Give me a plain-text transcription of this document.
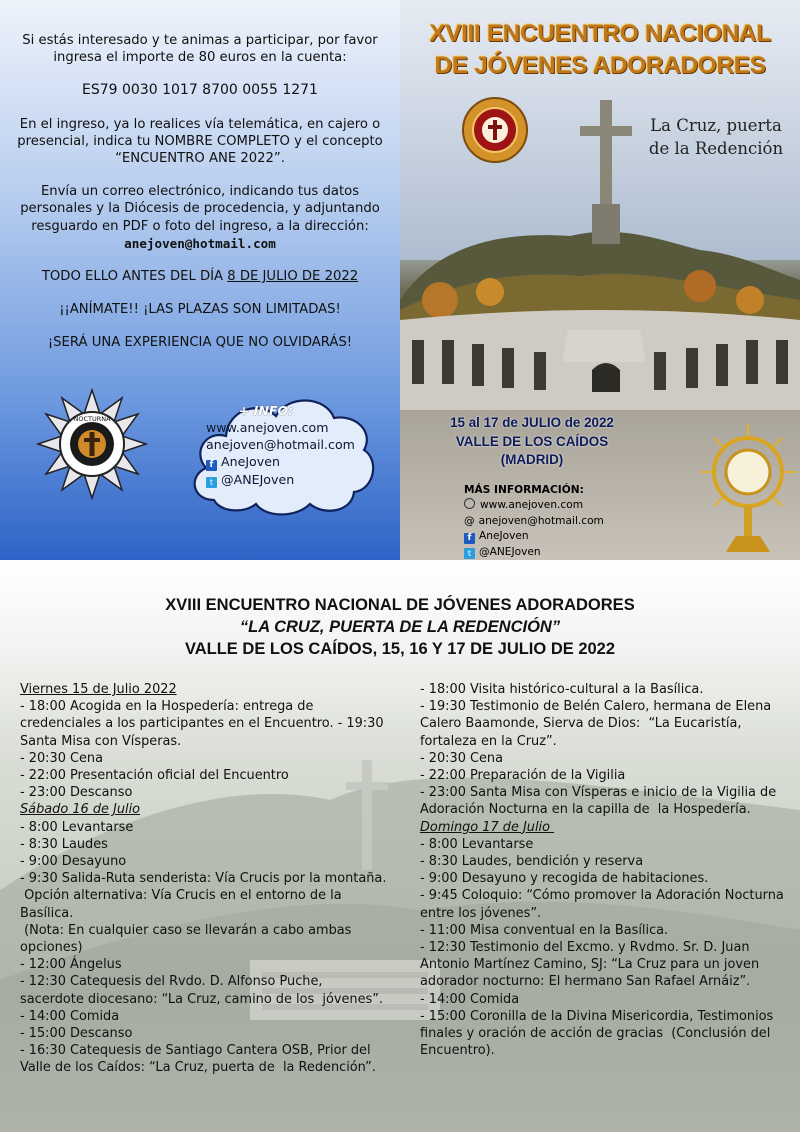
Si estás interesado y te animas a participar, por favor ingresa el importe de 80 euros en la cuenta:

ES79 0030 1017 8700 0055 1271

En el ingreso, ya lo realices vía telemática, en cajero o presencial, indica tu NOMBRE COMPLETO y el concepto “ENCUENTRO ANE 2022”.

Envía un correo electrónico, indicando tus datos personales y la Diócesis de procedencia, y adjuntando resguardo en PDF o foto del ingreso, a la dirección:

anejoven@hotmail.com

TODO ELLO ANTES DEL DÍA 8 DE JULIO DE 2022

¡¡ANÍMATE!! ¡LAS PLAZAS SON LIMITADAS!

¡SERÁ UNA EXPERIENCIA QUE NO OLVIDARÁS!

NOCTURNA
+ INFO:
www.anejoven.com
anejoven@hotmail.com
f AneJoven
t @ANEJoven
XVIII ENCUENTRO NACIONAL
DE JÓVENES ADORADORES
La Cruz, puerta
de la Redención
15 al 17 de JULIO de 2022
VALLE DE LOS CAÍDOS
(MADRID)
MÁS INFORMACIÓN:
www.anejoven.com
@ anejoven@hotmail.com
f AneJoven
t @ANEJoven
XVIII ENCUENTRO NACIONAL DE JÓVENES ADORADORES
“LA CRUZ, PUERTA DE LA REDENCIÓN”
VALLE DE LOS CAÍDOS, 15, 16 Y 17 DE JULIO DE 2022
Viernes 15 de Julio 2022
- 18:00 Acogida en la Hospedería: entrega de credenciales a los participantes en el Encuentro. - 19:30 Santa Misa con Vísperas.
- 20:30 Cena
- 22:00 Presentación oficial del Encuentro
- 23:00 Descanso
Sábado 16 de Julio
- 8:00 Levantarse
- 8:30 Laudes
- 9:00 Desayuno
- 9:30 Salida-Ruta senderista: Vía Crucis por la montaña.
Opción alternativa: Vía Crucis en el entorno de la Basílica.
(Nota: En cualquier caso se llevarán a cabo ambas opciones)
- 12:00 Ángelus
- 12:30 Catequesis del Rvdo. D. Alfonso Puche, sacerdote diocesano: “La Cruz, camino de los  jóvenes”.
- 14:00 Comida
- 15:00 Descanso
- 16:30 Catequesis de Santiago Cantera OSB, Prior del Valle de los Caídos: “La Cruz, puerta de  la Redención”.
- 18:00 Visita histórico-cultural a la Basílica.
- 19:30 Testimonio de Belén Calero, hermana de Elena Calero Baamonde, Sierva de Dios:  “La Eucaristía, fortaleza en la Cruz”.
- 20:30 Cena
- 22:00 Preparación de la Vigilia
- 23:00 Santa Misa con Vísperas e inicio de la Vigilia de Adoración Nocturna en la capilla de  la Hospedería.
Domingo 17 de Julio
- 8:00 Levantarse
- 8:30 Laudes, bendición y reserva
- 9:00 Desayuno y recogida de habitaciones.
- 9:45 Coloquio: “Cómo promover la Adoración Nocturna entre los jóvenes”.
- 11:00 Misa conventual en la Basílica.
- 12:30 Testimonio del Excmo. y Rvdmo. Sr. D. Juan Antonio Martínez Camino, SJ: “La Cruz para un joven adorador nocturno: El hermano San Rafael Arnáiz”.
- 14:00 Comida
- 15:00 Coronilla de la Divina Misericordia, Testimonios finales y oración de acción de gracias  (Conclusión del Encuentro).
